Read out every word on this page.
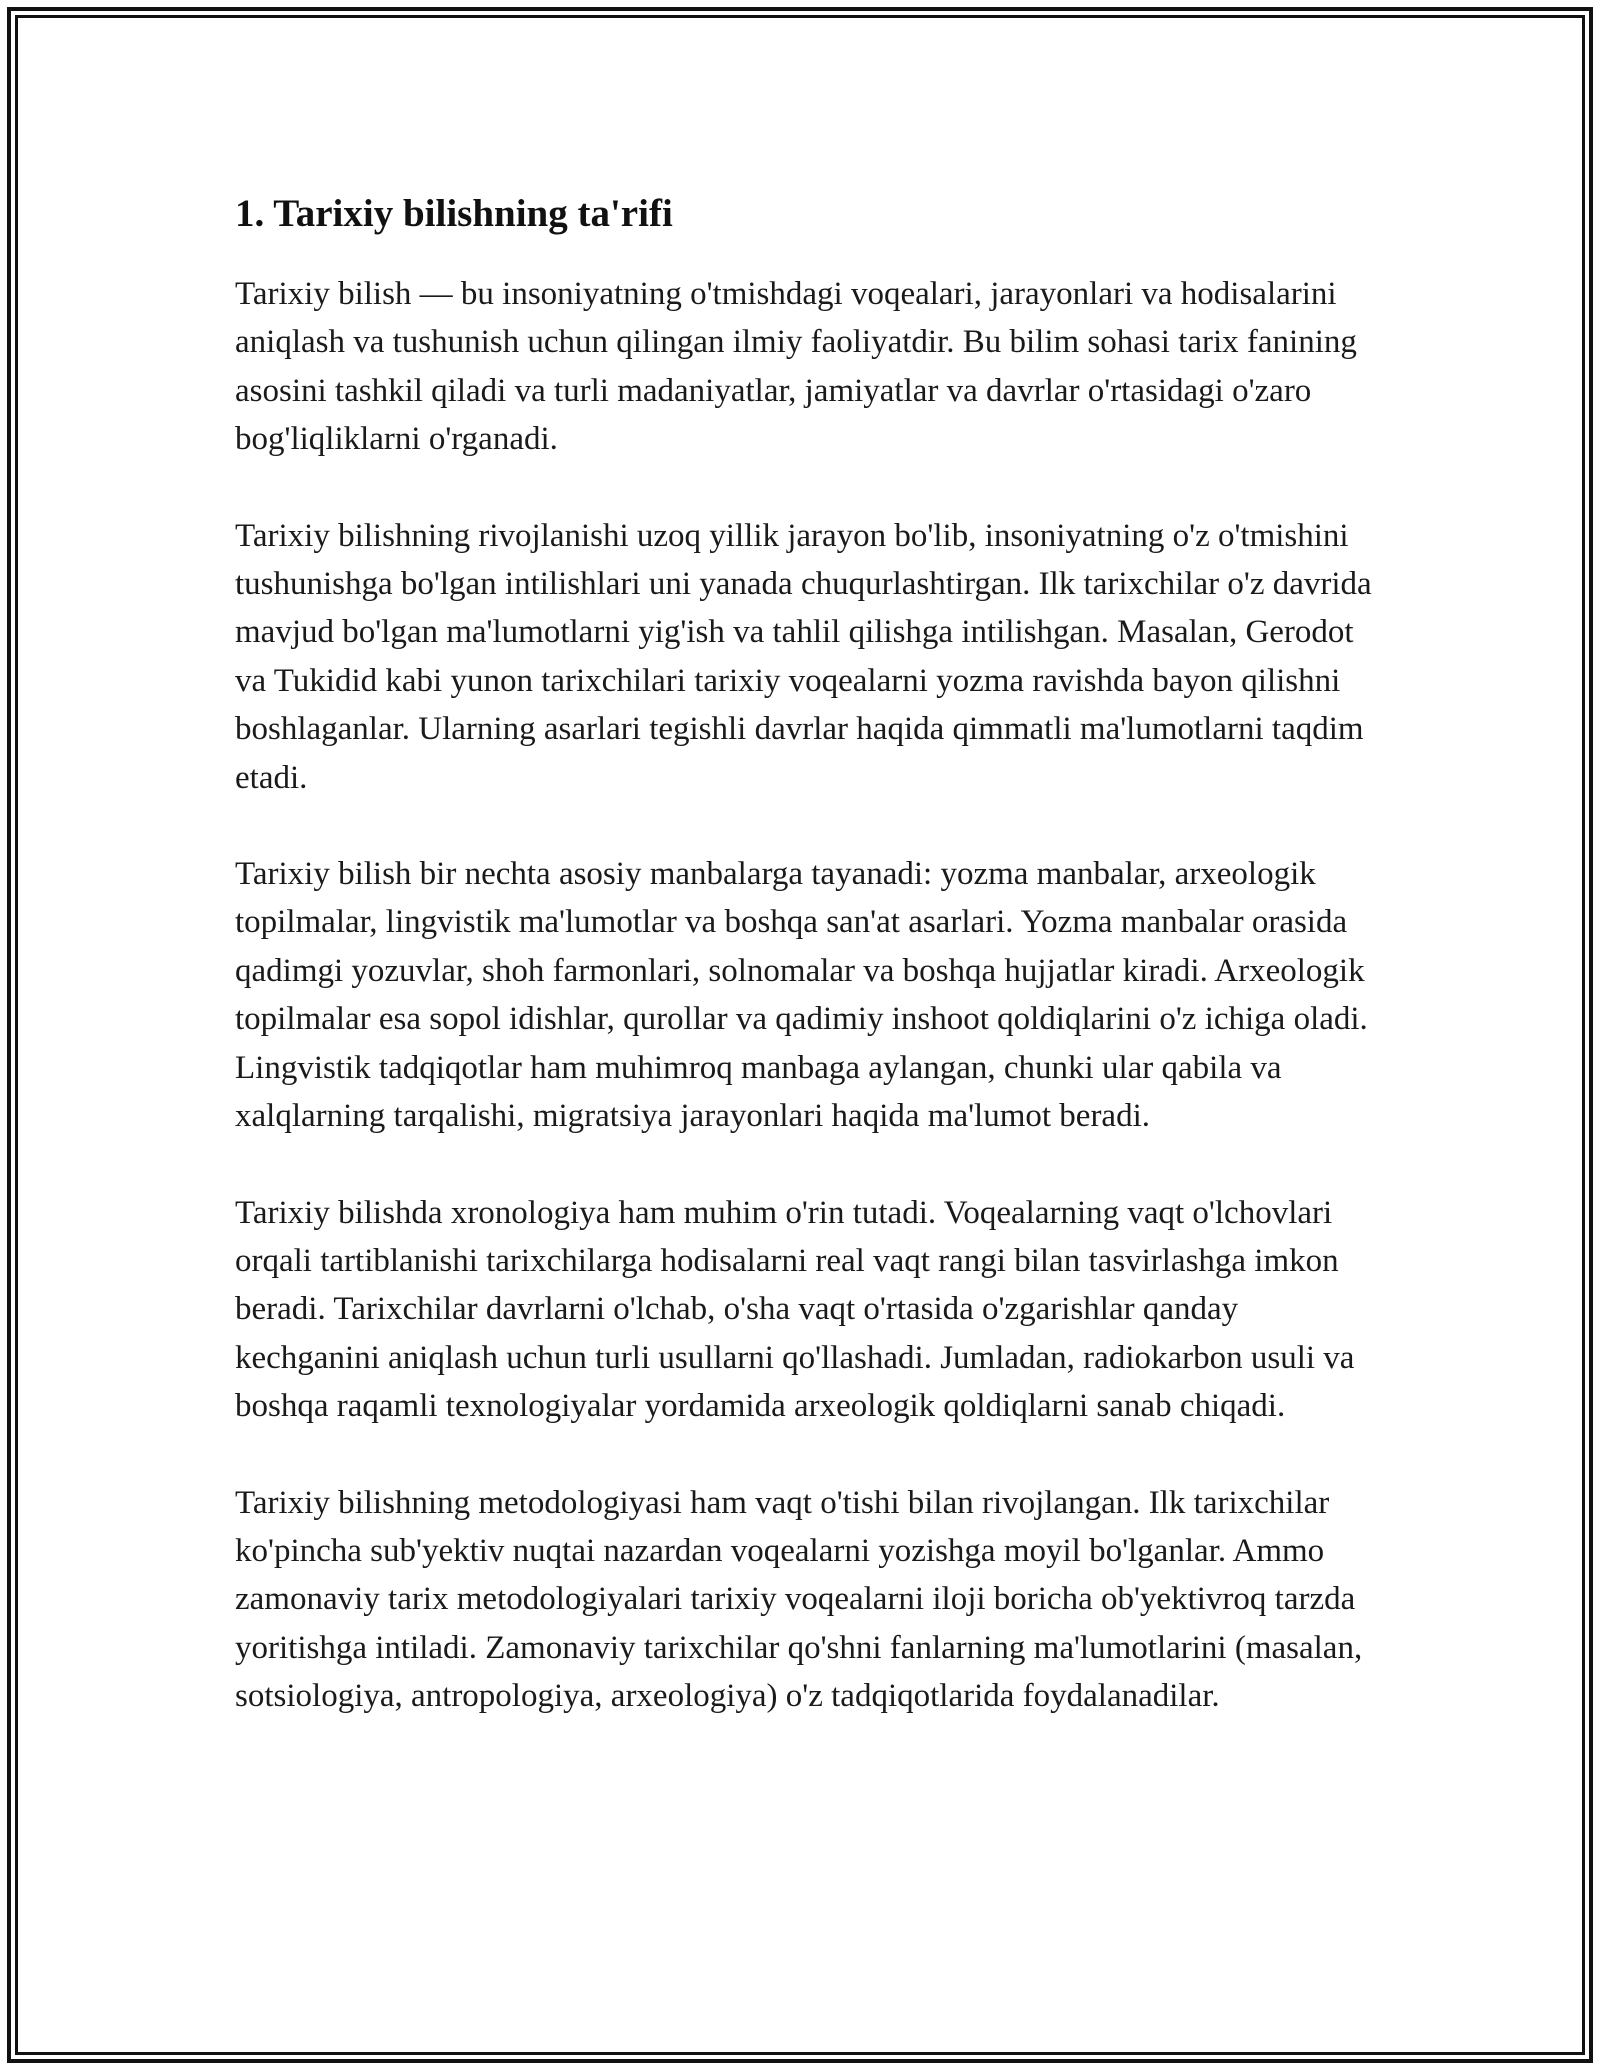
1. Tarixiy bilishning ta'rifi

Tarixiy bilish — bu insoniyatning o'tmishdagi voqealari, jarayonlari va hodisalarini aniqlash va tushunish uchun qilingan ilmiy faoliyatdir. Bu bilim sohasi tarix fanining asosini tashkil qiladi va turli madaniyatlar, jamiyatlar va davrlar o'rtasidagi o'zaro bog'liqliklarni o'rganadi.

Tarixiy bilishning rivojlanishi uzoq yillik jarayon bo'lib, insoniyatning o'z o'tmishini tushunishga bo'lgan intilishlari uni yanada chuqurlashtirgan. Ilk tarixchilar o'z davrida mavjud bo'lgan ma'lumotlarni yig'ish va tahlil qilishga intilishgan. Masalan, Gerodot va Tukidid kabi yunon tarixchilari tarixiy voqealarni yozma ravishda bayon qilishni boshlaganlar. Ularning asarlari tegishli davrlar haqida qimmatli ma'lumotlarni taqdim etadi.

Tarixiy bilish bir nechta asosiy manbalarga tayanadi: yozma manbalar, arxeologik topilmalar, lingvistik ma'lumotlar va boshqa san'at asarlari. Yozma manbalar orasida qadimgi yozuvlar, shoh farmonlari, solnomalar va boshqa hujjatlar kiradi. Arxeologik topilmalar esa sopol idishlar, qurollar va qadimiy inshoot qoldiqlarini o'z ichiga oladi. Lingvistik tadqiqotlar ham muhimroq manbaga aylangan, chunki ular qabila va xalqlarning tarqalishi, migratsiya jarayonlari haqida ma'lumot beradi.

Tarixiy bilishda xronologiya ham muhim o'rin tutadi. Voqealarning vaqt o'lchovlari orqali tartiblanishi tarixchilarga hodisalarni real vaqt rangi bilan tasvirlashga imkon beradi. Tarixchilar davrlarni o'lchab, o'sha vaqt o'rtasida o'zgarishlar qanday kechganini aniqlash uchun turli usullarni qo'llashadi. Jumladan, radiokarbon usuli va boshqa raqamli texnologiyalar yordamida arxeologik qoldiqlarni sanab chiqadi.

Tarixiy bilishning metodologiyasi ham vaqt o'tishi bilan rivojlangan. Ilk tarixchilar ko'pincha sub'yektiv nuqtai nazardan voqealarni yozishga moyil bo'lganlar. Ammo zamonaviy tarix metodologiyalari tarixiy voqealarni iloji boricha ob'yektivroq tarzda yoritishga intiladi. Zamonaviy tarixchilar qo'shni fanlarning ma'lumotlarini (masalan, sotsiologiya, antropologiya, arxeologiya) o'z tadqiqotlarida foydalanadilar.
